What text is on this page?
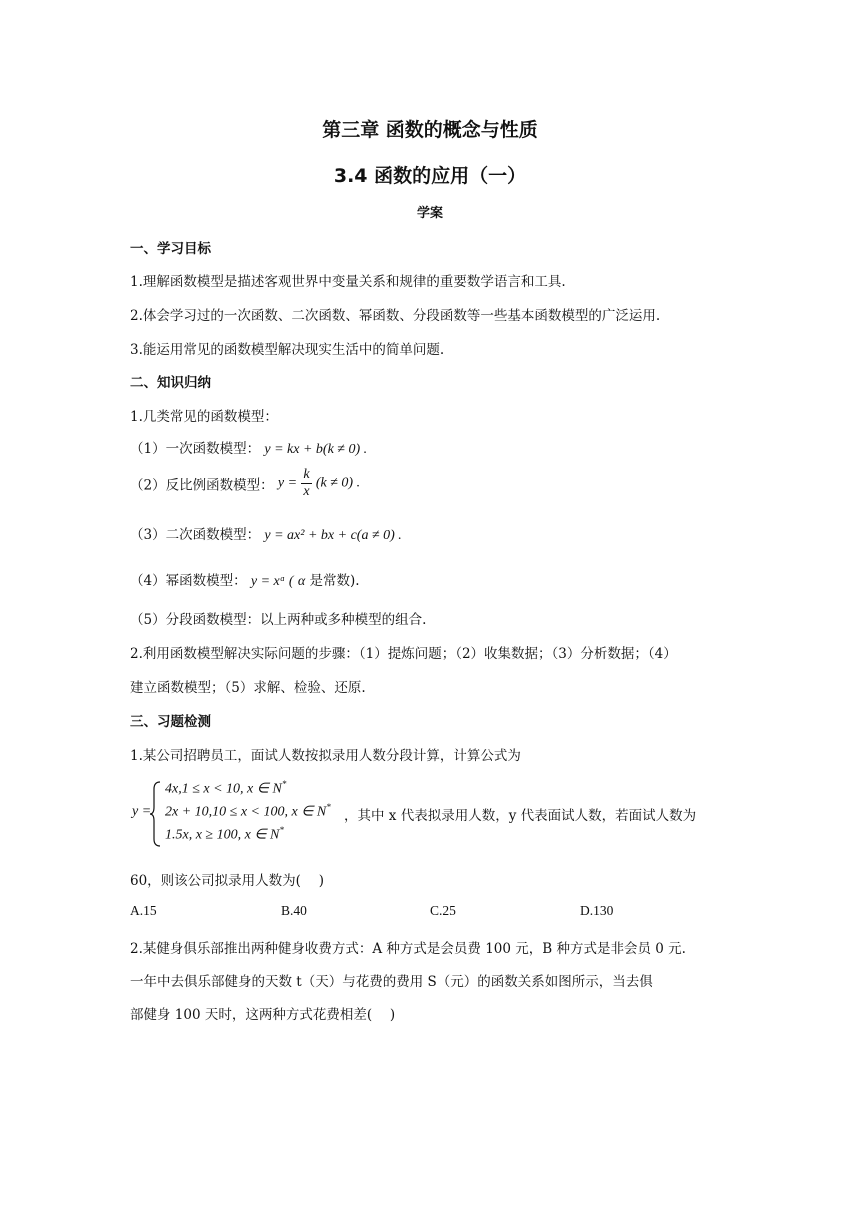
第三章 函数的概念与性质
3.4 函数的应用（一）
学案
一、学习目标
1.理解函数模型是描述客观世界中变量关系和规律的重要数学语言和工具.
2.体会学习过的一次函数、二次函数、幂函数、分段函数等一些基本函数模型的广泛运用.
3.能运用常见的函数模型解决现实生活中的简单问题.
二、知识归纳
1.几类常见的函数模型：
（1）一次函数模型： y = kx + b(k ≠ 0) .
（2）反比例函数模型： $y = \frac{k}{x} (k \ne 0)$ .
（3）二次函数模型： y = ax² + bx + c(a ≠ 0) .
（4）幂函数模型： y = xᵅ ( α 是常数).
（5）分段函数模型：以上两种或多种模型的组合.
2.利用函数模型解决实际问题的步骤：（1）提炼问题；（2）收集数据；（3）分析数据；（4）
建立函数模型；（5）求解、检验、还原.
三、习题检测
1.某公司招聘员工，面试人数按拟录用人数分段计算，计算公式为
y =
4x,1 ≤ x < 10, x ∈ N*
2x + 10,10 ≤ x < 100, x ∈ N*
1.5x, x ≥ 100, x ∈ N*
，其中 x 代表拟录用人数，y 代表面试人数，若面试人数为
60，则该公司拟录用人数为(　 )
A.15	B.40	C.25	D.130
2.某健身俱乐部推出两种健身收费方式：A 种方式是会员费 100 元，B 种方式是非会员 0 元.
一年中去俱乐部健身的天数 t（天）与花费的费用 S（元）的函数关系如图所示，当去俱
部健身 100 天时，这两种方式花费相差(　 )
